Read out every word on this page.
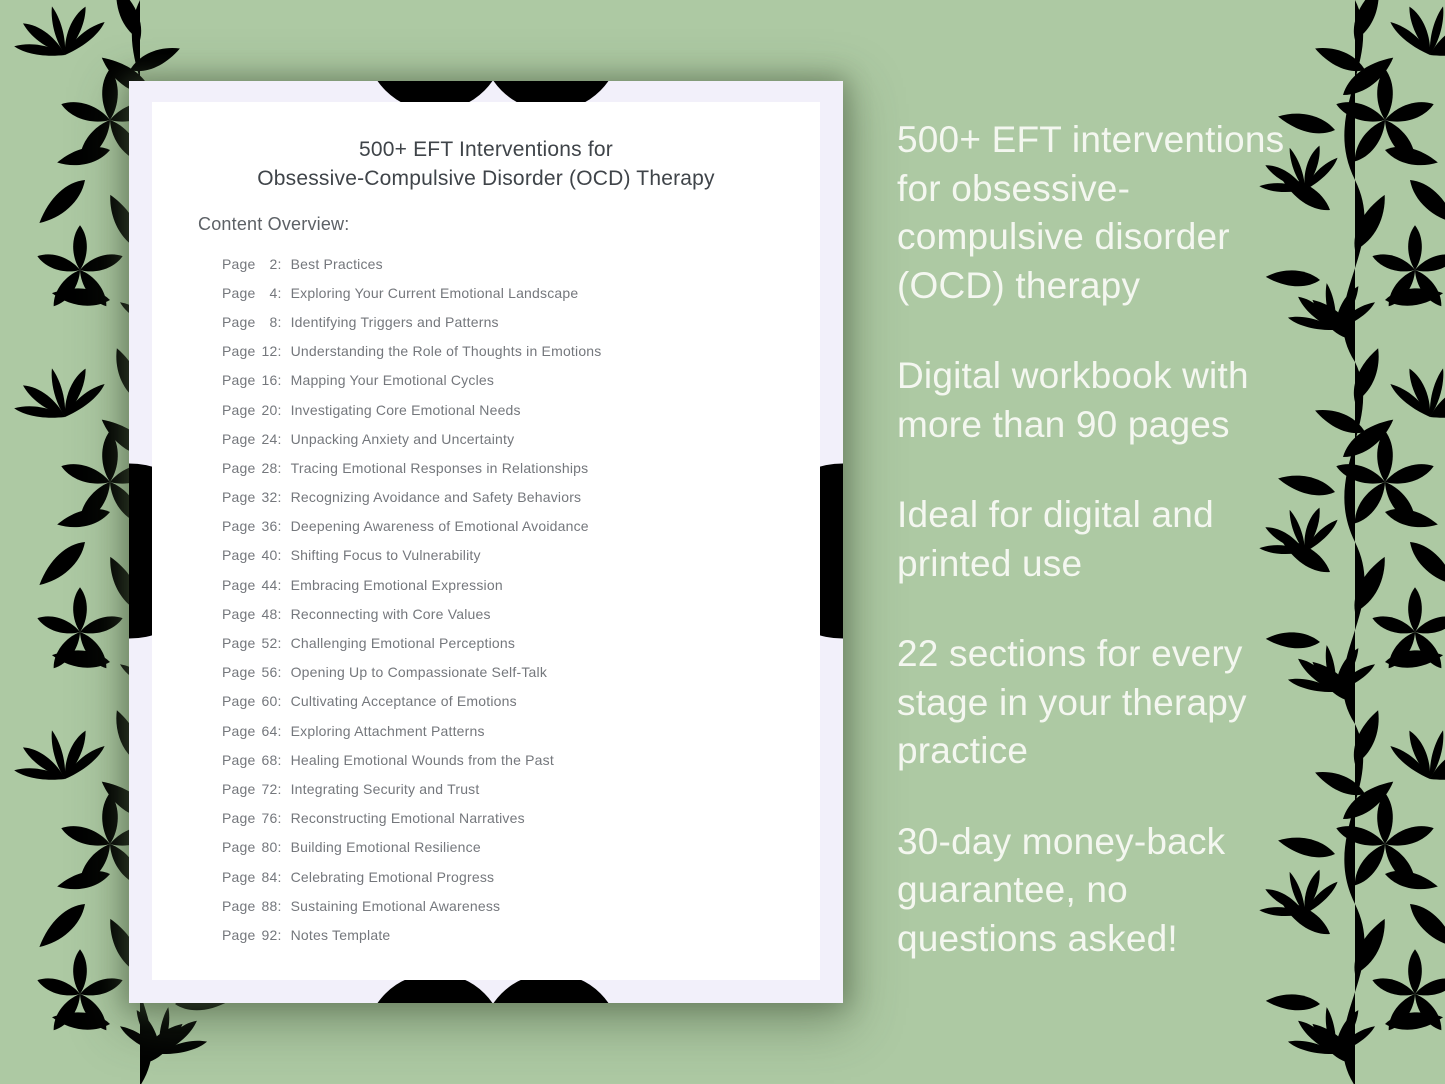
500+ EFT Interventions for
Obsessive-Compulsive Disorder (OCD) Therapy
Content Overview:
Page	2 : Best Practices
Page	4 : Exploring Your Current Emotional Landscape
Page	8 : Identifying Triggers and Patterns
Page 12 : Understanding the Role of Thoughts in Emotions
Page 16 : Mapping Your Emotional Cycles
Page 20 : Investigating Core Emotional Needs
Page 24 : Unpacking Anxiety and Uncertainty
Page 28 : Tracing Emotional Responses in Relationships
Page 32 : Recognizing Avoidance and Safety Behaviors
Page 36 : Deepening Awareness of Emotional Avoidance
Page 40 : Shifting Focus to Vulnerability
Page 44 : Embracing Emotional Expression
Page 48 : Reconnecting with Core Values
Page 52 : Challenging Emotional Perceptions
Page 56 : Opening Up to Compassionate Self-Talk
Page 60 : Cultivating Acceptance of Emotions
Page 64 : Exploring Attachment Patterns
Page 68 : Healing Emotional Wounds from the Past
Page 72 : Integrating Security and Trust
Page 76 : Reconstructing Emotional Narratives
Page 80 : Building Emotional Resilience
Page 84 : Celebrating Emotional Progress
Page 88 : Sustaining Emotional Awareness
Page 92 : Notes Template

500+ EFT interventions
for obsessive-
compulsive disorder
(OCD) therapy

Digital workbook with
more than 90 pages

Ideal for digital and
printed use

22 sections for every
stage in your therapy
practice

30-day money-back
guarantee, no
questions asked!
